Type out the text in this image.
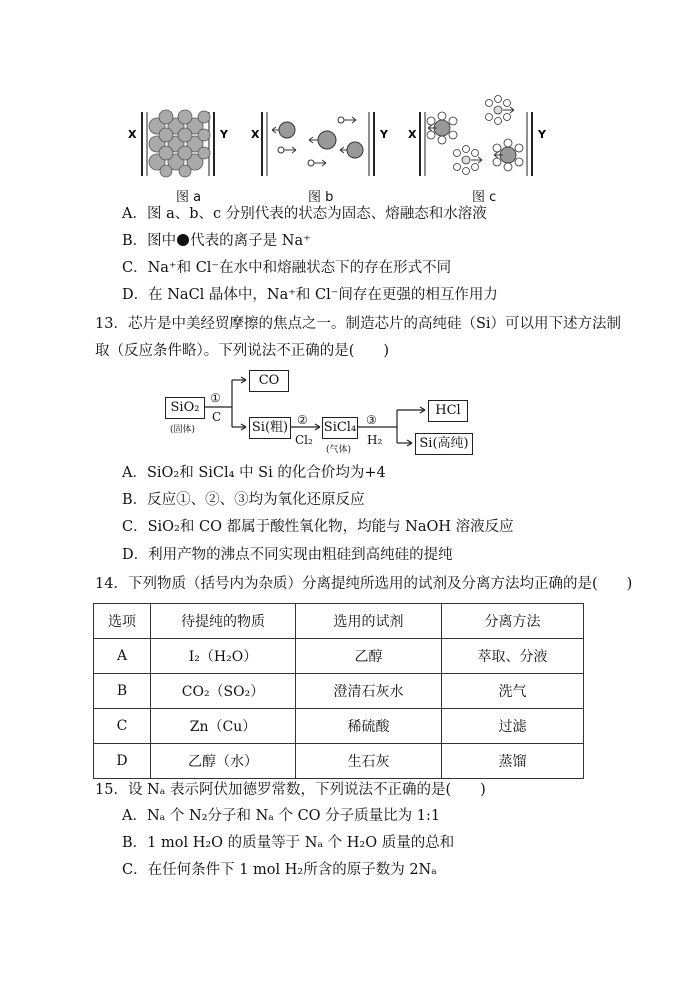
X	Y X	Y X	Y
图 a	图 b	图 c
A．图 a、b、c 分别代表的状态为固态、熔融态和水溶液
B．图中 代表的离子是 Na⁺
C．Na⁺和 Cl⁻在水中和熔融状态下的存在形式不同
D．在 NaCl 晶体中，Na⁺和 Cl⁻间存在更强的相互作用力
13．芯片是中美经贸摩擦的焦点之一。制造芯片的高纯硅（Si）可以用下述方法制
取（反应条件略）。下列说法不正确的是(　　)
SiO₂
(固体)
①
C
CO
Si(粗) ②
Cl₂
SiCl₄
(气体)
③
H₂
HCl
Si(高纯)
A．SiO₂和 SiCl₄ 中 Si 的化合价均为+4
B．反应①、②、③均为氧化还原反应
C．SiO₂和 CO 都属于酸性氧化物，均能与 NaOH 溶液反应
D．利用产物的沸点不同实现由粗硅到高纯硅的提纯
14．下列物质（括号内为杂质）分离提纯所选用的试剂及分离方法均正确的是(　　)
选项	待提纯的物质	选用的试剂	分离方法
A	I₂（H₂O）	乙醇	萃取、分液
B	CO₂（SO₂）	澄清石灰水	洗气
C	Zn（Cu）	稀硫酸	过滤
D	乙醇（水）	生石灰	蒸馏
15．设 Nₐ 表示阿伏加德罗常数，下列说法不正确的是(　　)
A．Nₐ 个 N₂分子和 Nₐ 个 CO 分子质量比为 1:1
B．1 mol H₂O 的质量等于 Nₐ 个 H₂O 质量的总和
C．在任何条件下 1 mol H₂所含的原子数为 2Nₐ
